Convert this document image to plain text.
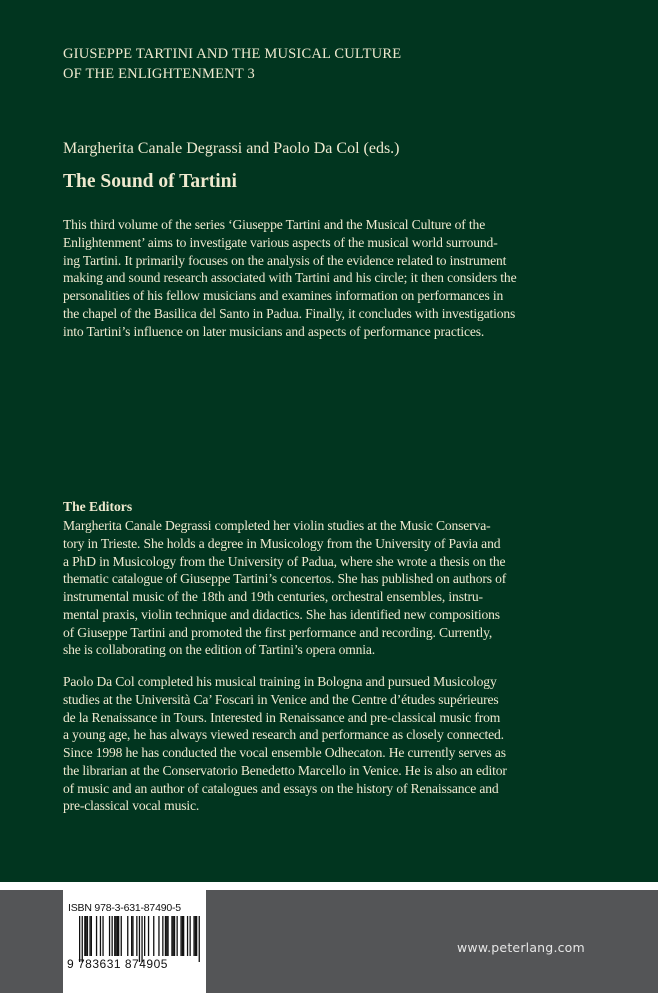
GIUSEPPE TARTINI AND THE MUSICAL CULTURE
OF THE ENLIGHTENMENT 3
Margherita Canale Degrassi and Paolo Da Col (eds.)
The Sound of Tartini
This third volume of the series ‘Giuseppe Tartini and the Musical Culture of the
Enlightenment’ aims to investigate various aspects of the musical world surround-
ing Tartini. It primarily focuses on the analysis of the evidence related to instrument
making and sound research associated with Tartini and his circle; it then considers the
personalities of his fellow musicians and examines information on performances in
the chapel of the Basilica del Santo in Padua. Finally, it concludes with investigations
into Tartini’s influence on later musicians and aspects of performance practices.
The Editors
Margherita Canale Degrassi completed her violin studies at the Music Conserva-
tory in Trieste. She holds a degree in Musicology from the University of Pavia and
a PhD in Musicology from the University of Padua, where she wrote a thesis on the
thematic catalogue of Giuseppe Tartini’s concertos. She has published on authors of
instrumental music of the 18th and 19th centuries, orchestral ensembles, instru-
mental praxis, violin technique and didactics. She has identified new compositions
of Giuseppe Tartini and promoted the first performance and recording. Currently,
she is collaborating on the edition of Tartini’s opera omnia.
Paolo Da Col completed his musical training in Bologna and pursued Musicology
studies at the Università Ca’ Foscari in Venice and the Centre d’études supérieures
de la Renaissance in Tours. Interested in Renaissance and pre-classical music from
a young age, he has always viewed research and performance as closely connected.
Since 1998 he has conducted the vocal ensemble Odhecaton. He currently serves as
the librarian at the Conservatorio Benedetto Marcello in Venice. He is also an editor
of music and an author of catalogues and essays on the history of Renaissance and
pre-classical vocal music.
ISBN 978-3-631-87490-5
9 783631 874905
www.peterlang.com
